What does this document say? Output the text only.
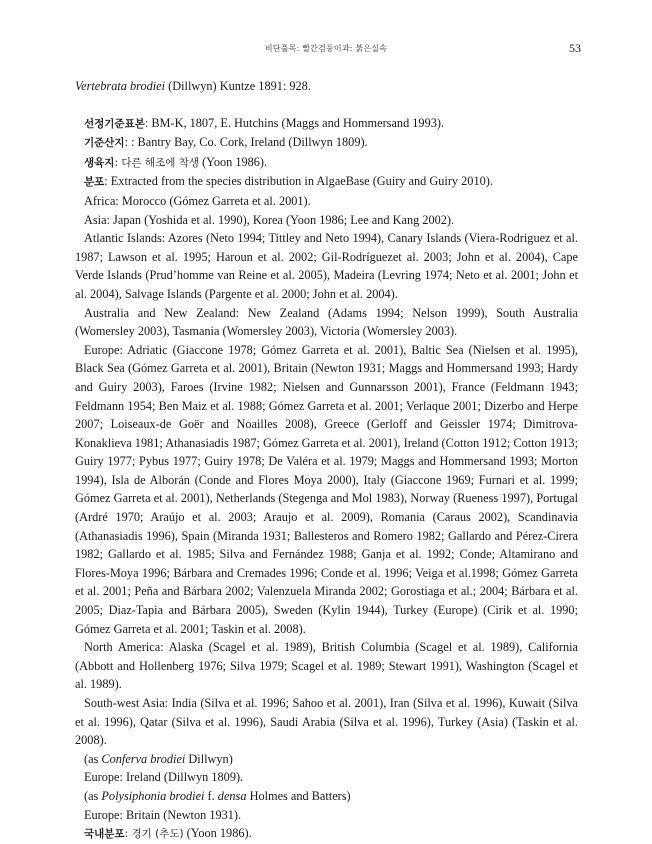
비단풀목: 빨간검둥이과: 붉은실속	53

Vertebrata brodiei (Dillwyn) Kuntze 1891: 928.

선정기준표본: BM-K, 1807, E. Hutchins (Maggs and Hommersand 1993).

기준산지: : Bantry Bay, Co. Cork, Ireland (Dillwyn 1809).

생육지: 다른 해조에 착생 (Yoon 1986).

분포: Extracted from the species distribution in AlgaeBase (Guiry and Guiry 2010).

Africa: Morocco (Gómez Garreta et al. 2001).

Asia: Japan (Yoshida et al. 1990), Korea (Yoon 1986; Lee and Kang 2002).

Atlantic Islands: Azores (Neto 1994; Tittley and Neto 1994), Canary Islands (Viera-Rodriguez et al. 1987; Lawson et al. 1995; Haroun et al. 2002; Gil-Rodríguezet al. 2003; John et al. 2004), Cape Verde Islands (Prud’homme van Reine et al. 2005), Madeira (Levring 1974; Neto et al. 2001; John et al. 2004), Salvage Islands (Pargente et al. 2000; John et al. 2004).

Australia and New Zealand: New Zealand (Adams 1994; Nelson 1999), South Australia (Womersley 2003), Tasmania (Womersley 2003), Victoria (Womersley 2003).

Europe: Adriatic (Giaccone 1978; Gómez Garreta et al. 2001), Baltic Sea (Nielsen et al. 1995), Black Sea (Gómez Garreta et al. 2001), Britain (Newton 1931; Maggs and Hommersand 1993; Hardy and Guiry 2003), Faroes (Irvine 1982; Nielsen and Gunnarsson 2001), France (Feldmann 1943; Feldmann 1954; Ben Maiz et al. 1988; Gómez Garreta et al. 2001; Verlaque 2001; Dizerbo and Herpe 2007; Loiseaux-de Goër and Noailles 2008), Greece (Gerloff and Geissler 1974; Dimitrova-Konaklieva 1981; Athanasiadis 1987; Gómez Garreta et al. 2001), Ireland (Cotton 1912; Cotton 1913; Guiry 1977; Pybus 1977; Guiry 1978; De Valéra et al. 1979; Maggs and Hommersand 1993; Morton 1994), Isla de Alborán (Conde and Flores Moya 2000), Italy (Giaccone 1969; Furnari et al. 1999; Gómez Garreta et al. 2001), Netherlands (Stegenga and Mol 1983), Norway (Rueness 1997), Portugal (Ardré 1970; Araújo et al. 2003; Araujo et al. 2009), Romania (Caraus 2002), Scandinavia (Athanasiadis 1996), Spain (Miranda 1931; Ballesteros and Romero 1982; Gallardo and Pérez-Cirera 1982; Gallardo et al. 1985; Silva and Fernández 1988; Ganja et al. 1992; Conde; Altamirano and Flores-Moya 1996; Bárbara and Cremades 1996; Conde et al. 1996; Veiga et al.1998; Gómez Garreta et al. 2001; Peña and Bárbara 2002; Valenzuela Miranda 2002; Gorostiaga et al.; 2004; Bárbara et al. 2005; Diaz-Tapia and Bárbara 2005), Sweden (Kylin 1944), Turkey (Europe) (Cirik et al. 1990; Gómez Garreta et al. 2001; Taskin et al. 2008).

North America: Alaska (Scagel et al. 1989), British Columbia (Scagel et al. 1989), California (Abbott and Hollenberg 1976; Silva 1979; Scagel et al. 1989; Stewart 1991), Washington (Scagel et al. 1989).

South-west Asia: India (Silva et al. 1996; Sahoo et al. 2001), Iran (Silva et al. 1996), Kuwait (Silva et al. 1996), Qatar (Silva et al. 1996), Saudi Arabia (Silva et al. 1996), Turkey (Asia) (Taskin et al. 2008).

(as Conferva brodiei Dillwyn)

Europe: Ireland (Dillwyn 1809).

(as Polysiphonia brodiei f. densa Holmes and Batters)

Europe: Britain (Newton 1931).

국내분포: 경기 (추도) (Yoon 1986).
